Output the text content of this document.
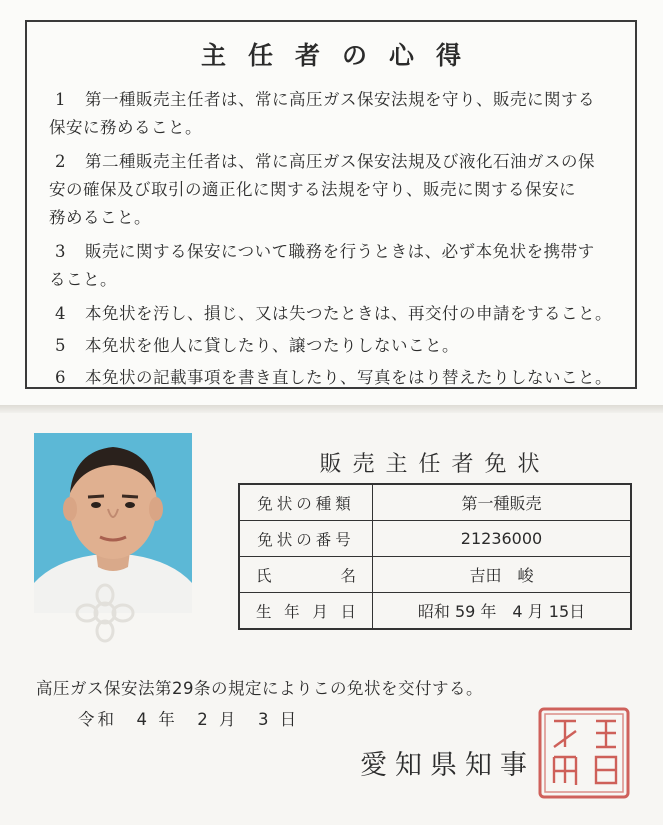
主任者の心得
1 第一種販売主任者は、常に高圧ガス保安法規を守り、販売に関する
保安に務めること。
2 第二種販売主任者は、常に高圧ガス保安法規及び液化石油ガスの保
安の確保及び取引の適正化に関する法規を守り、販売に関する保安に
務めること。
3 販売に関する保安について職務を行うときは、必ず本免状を携帯す
ること。
4 本免状を汚し、損じ、又は失つたときは、再交付の申請をすること。
5 本免状を他人に貸したり、譲つたりしないこと。
6 本免状の記載事項を書き直したり、写真をはり替えたりしないこと。
販売主任者免状
免状の種類	第一種販売
免状の番号	21236000

氏 名	吉田　峻

生 年 月 日	昭和 59 年　4 月 15日
高圧ガス保安法第29条の規定によりこの免状を交付する。
令和　4 年　2 月　3 日
愛知県知事
